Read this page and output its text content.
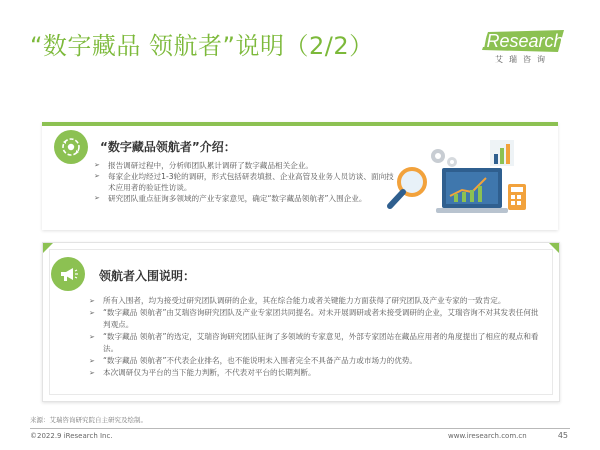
“数字藏品 领航者”说明（2/2）	iResearch
艾瑞咨询
“数字藏品领航者”介绍：
➢ 报告调研过程中，分析师团队累计调研了数字藏品相关企业。
➢ 每家企业均经过1-3轮的调研，形式包括研表填报、企业高管及业务人员访谈、面向技术应用者的验证性访谈。
➢ 研究团队重点征询多领域的产业专家意见，确定“数字藏品领航者”入围企业。
领航者入围说明：
➢ 所有入围者，均为接受过研究团队调研的企业，其在综合能力或者关键能力方面获得了研究团队及产业专家的一致肯定。
➢ “数字藏品 领航者”由艾瑞咨询研究团队及产业专家团共同提名。对未开展调研或者未接受调研的企业，艾瑞咨询不对其发表任何批判观点。
➢ “数字藏品 领航者”的选定，艾瑞咨询研究团队征询了多领域的专家意见，外部专家团站在藏品应用者的角度提出了相应的观点和看法。
➢ “数字藏品 领航者”不代表企业排名，也不能说明未入围者完全不具备产品力或市场力的优势。
➢ 本次调研仅为平台的当下能力判断，不代表对平台的长期判断。
来源：艾瑞咨询研究院自主研究及绘制。
©2022.9 iResearch Inc.	www.iresearch.com.cn	45
